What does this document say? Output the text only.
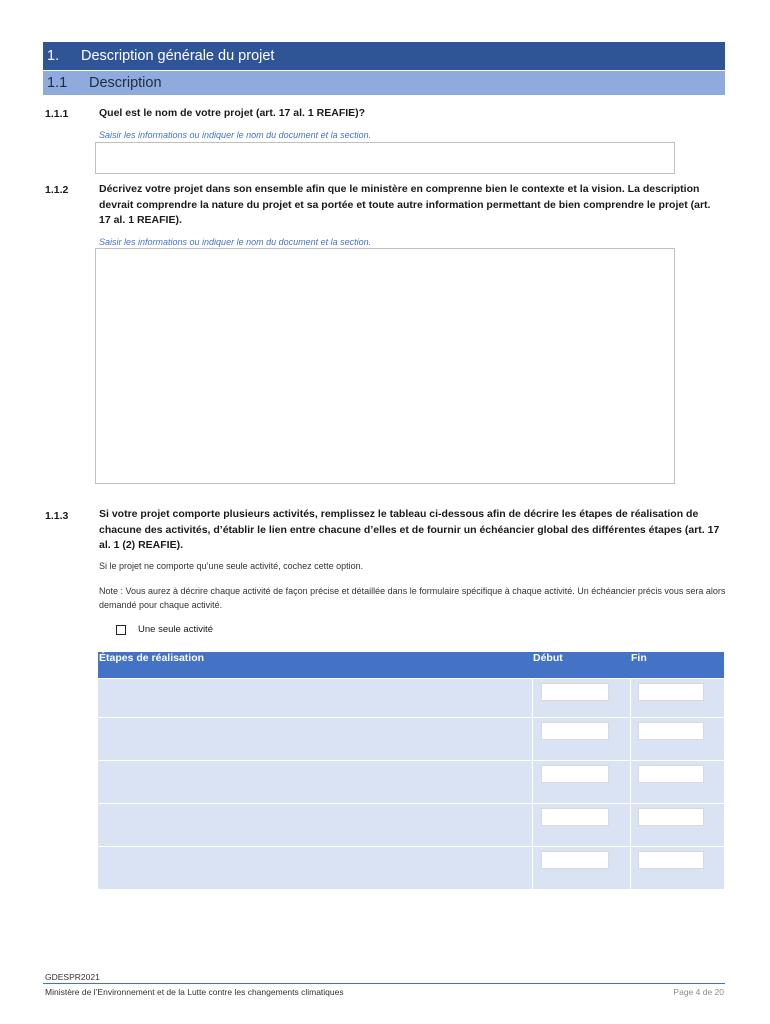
1.	Description générale du projet
1.1	Description
1.1.1	Quel est le nom de votre projet (art. 17 al. 1 REAFIE)?
Saisir les informations ou indiquer le nom du document et la section.
1.1.2	Décrivez votre projet dans son ensemble afin que le ministère en comprenne bien le contexte et la vision. La description devrait comprendre la nature du projet et sa portée et toute autre information permettant de bien comprendre le projet (art. 17 al. 1 REAFIE).
Saisir les informations ou indiquer le nom du document et la section.
1.1.3	Si votre projet comporte plusieurs activités, remplissez le tableau ci-dessous afin de décrire les étapes de réalisation de chacune des activités, d’établir le lien entre chacune d’elles et de fournir un échéancier global des différentes étapes (art. 17 al. 1 (2) REAFIE).
Si le projet ne comporte qu’une seule activité, cochez cette option.
Note : Vous aurez à décrire chaque activité de façon précise et détaillée dans le formulaire spécifique à chaque activité. Un échéancier précis vous sera alors demandé pour chaque activité.
Une seule activité
Étapes de réalisation	Début	Fin

GDESPR2021
Ministère de l’Environnement et de la Lutte contre les changements climatiques	Page 4 de 20
